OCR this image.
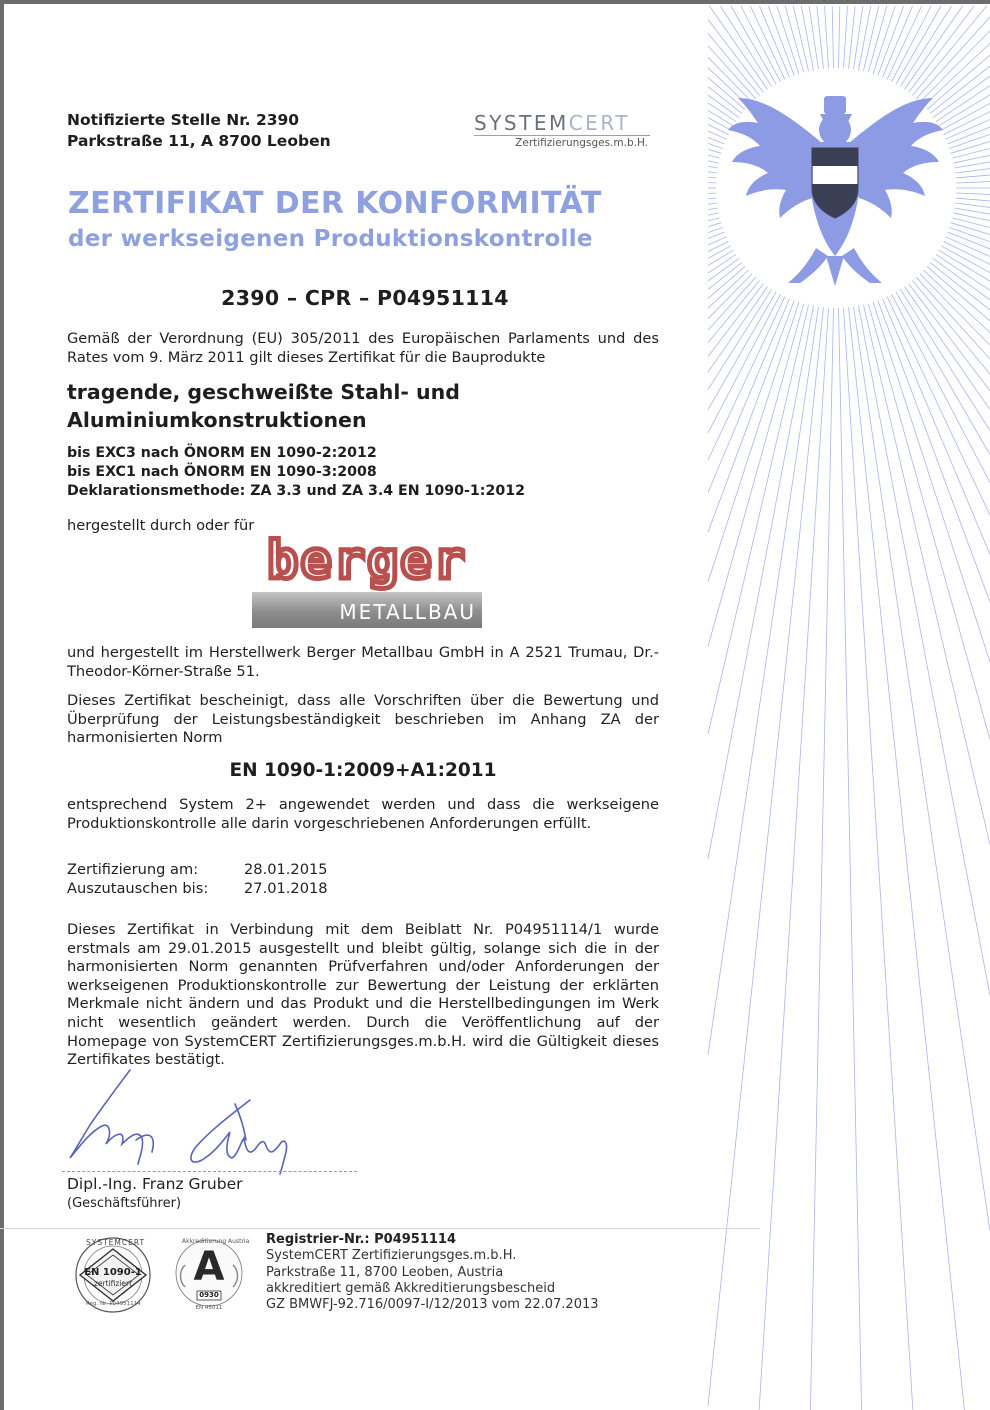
Notifizierte Stelle Nr. 2390
Parkstraße 11, A 8700 Leoben
SYSTEMCERT
Zertifizierungsges.m.b.H.
ZERTIFIKAT DER KONFORMITÄT
der werkseigenen Produktionskontrolle
2390 – CPR – P04951114
Gemäß der Verordnung (EU) 305/2011 des Europäischen Parlaments und des Rates vom 9. März 2011 gilt dieses Zertifikat für die Bauprodukte
tragende, geschweißte Stahl- und
Aluminiumkonstruktionen
bis EXC3 nach ÖNORM EN 1090-2:2012
bis EXC1 nach ÖNORM EN 1090-3:2008
Deklarationsmethode: ZA 3.3 und ZA 3.4 EN 1090-1:2012
hergestellt durch oder für
berger
METALLBAU
und hergestellt im Herstellwerk Berger Metallbau GmbH in A 2521 Trumau, Dr.-Theodor-Körner-Straße 51.
Dieses Zertifikat bescheinigt, dass alle Vorschriften über die Bewertung und Überprüfung der Leistungsbeständigkeit beschrieben im Anhang ZA der harmonisierten Norm
EN 1090-1:2009+A1:2011
entsprechend System 2+ angewendet werden und dass die werkseigene Produktionskontrolle alle darin vorgeschriebenen Anforderungen erfüllt.
Zertifizierung am:	28.01.2015
Auszutauschen bis:	27.01.2018
Dieses Zertifikat in Verbindung mit dem Beiblatt Nr. P04951114/1 wurde erstmals am 29.01.2015 ausgestellt und bleibt gültig, solange sich die in der harmonisierten Norm genannten Prüfverfahren und/oder Anforderungen der werkseigenen Produktionskontrolle zur Bewertung der Leistung der erklärten Merkmale nicht ändern und das Produkt und die Herstellbedingungen im Werk nicht wesentlich geändert werden. Durch die Veröffentlichung auf der Homepage von SystemCERT Zertifizierungsges.m.b.H. wird die Gültigkeit dieses Zertifikates bestätigt.
Dipl.-Ing. Franz Gruber
(Geschäftsführer)
SYSTEMCERT
EN 1090-1
zertifiziert
Reg. Nr. P04951114
Akkreditierung Austria
A
0930
EN 45011
Registrier-Nr.: P04951114
SystemCERT Zertifizierungsges.m.b.H.
Parkstraße 11, 8700 Leoben, Austria
akkreditiert gemäß Akkreditierungsbescheid
GZ BMWFJ-92.716/0097-I/12/2013 vom 22.07.2013
